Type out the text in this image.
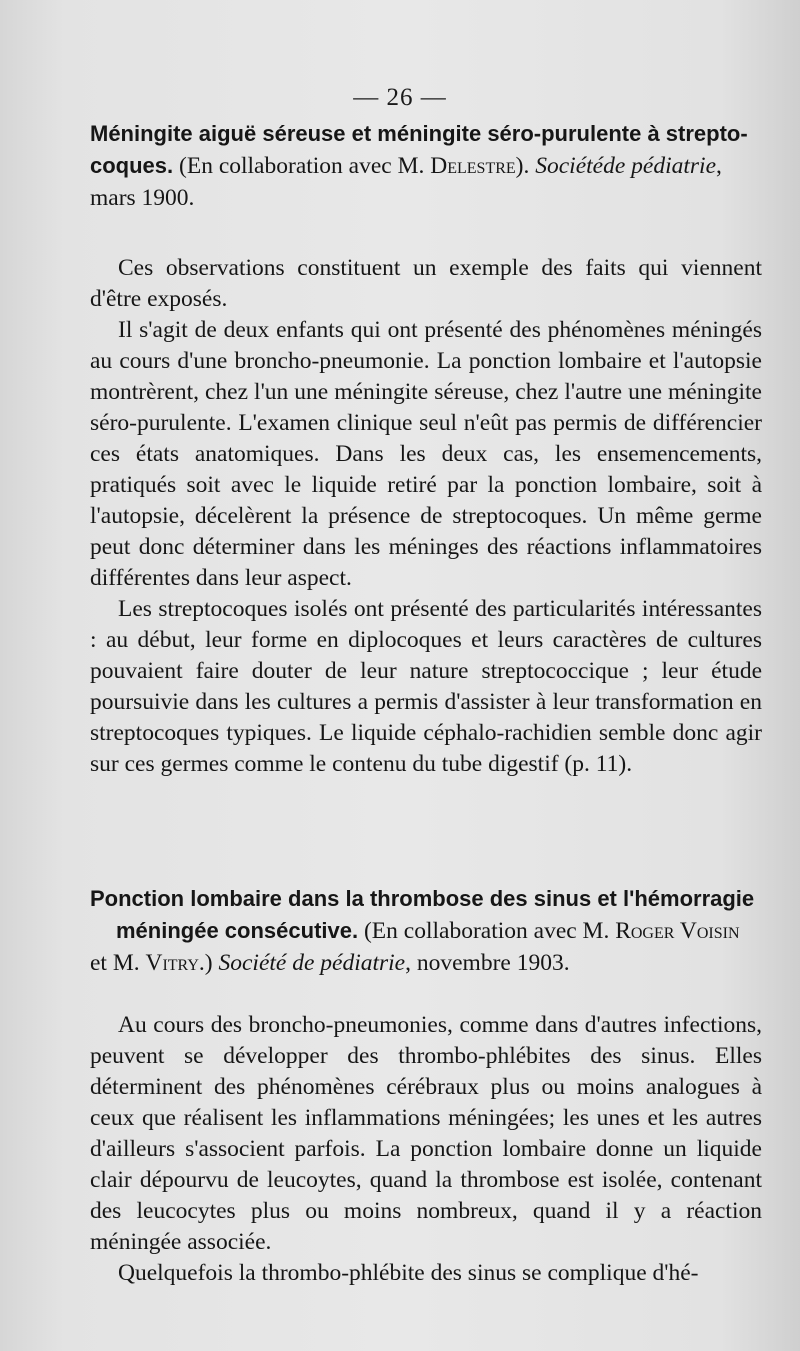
— 26 —
Méningite aiguë séreuse et méningite séro-purulente à strepto-coques. (En collaboration avec M. Delestre). Sociétéde pédiatrie, mars 1900.

Ces observations constituent un exemple des faits qui viennent d'être exposés.

Il s'agit de deux enfants qui ont présenté des phénomènes méningés au cours d'une broncho-pneumonie. La ponction lombaire et l'autopsie montrèrent, chez l'un une méningite séreuse, chez l'autre une méningite séro-purulente. L'examen clinique seul n'eût pas permis de différencier ces états anatomiques. Dans les deux cas, les ensemencements, pratiqués soit avec le liquide retiré par la ponction lombaire, soit à l'autopsie, décelèrent la présence de streptocoques. Un même germe peut donc déterminer dans les méninges des réactions inflammatoires différentes dans leur aspect.

Les streptocoques isolés ont présenté des particularités intéressantes : au début, leur forme en diplocoques et leurs caractères de cultures pouvaient faire douter de leur nature streptococcique ; leur étude poursuivie dans les cultures a permis d'assister à leur transformation en streptocoques typiques. Le liquide céphalo-rachidien semble donc agir sur ces germes comme le contenu du tube digestif (p. 11).

Ponction lombaire dans la thrombose des sinus et l'hémorragie
méningée consécutive. (En collaboration avec M. Roger Voisin et M. Vitry.) Société de pédiatrie, novembre 1903.

Au cours des broncho-pneumonies, comme dans d'autres infections, peuvent se développer des thrombo-phlébites des sinus. Elles déterminent des phénomènes cérébraux plus ou moins analogues à ceux que réalisent les inflammations méningées; les unes et les autres d'ailleurs s'associent parfois. La ponction lombaire donne un liquide clair dépourvu de leucoytes, quand la thrombose est isolée, contenant des leucocytes plus ou moins nombreux, quand il y a réaction méningée associée.

Quelquefois la thrombo-phlébite des sinus se complique d'hé-
